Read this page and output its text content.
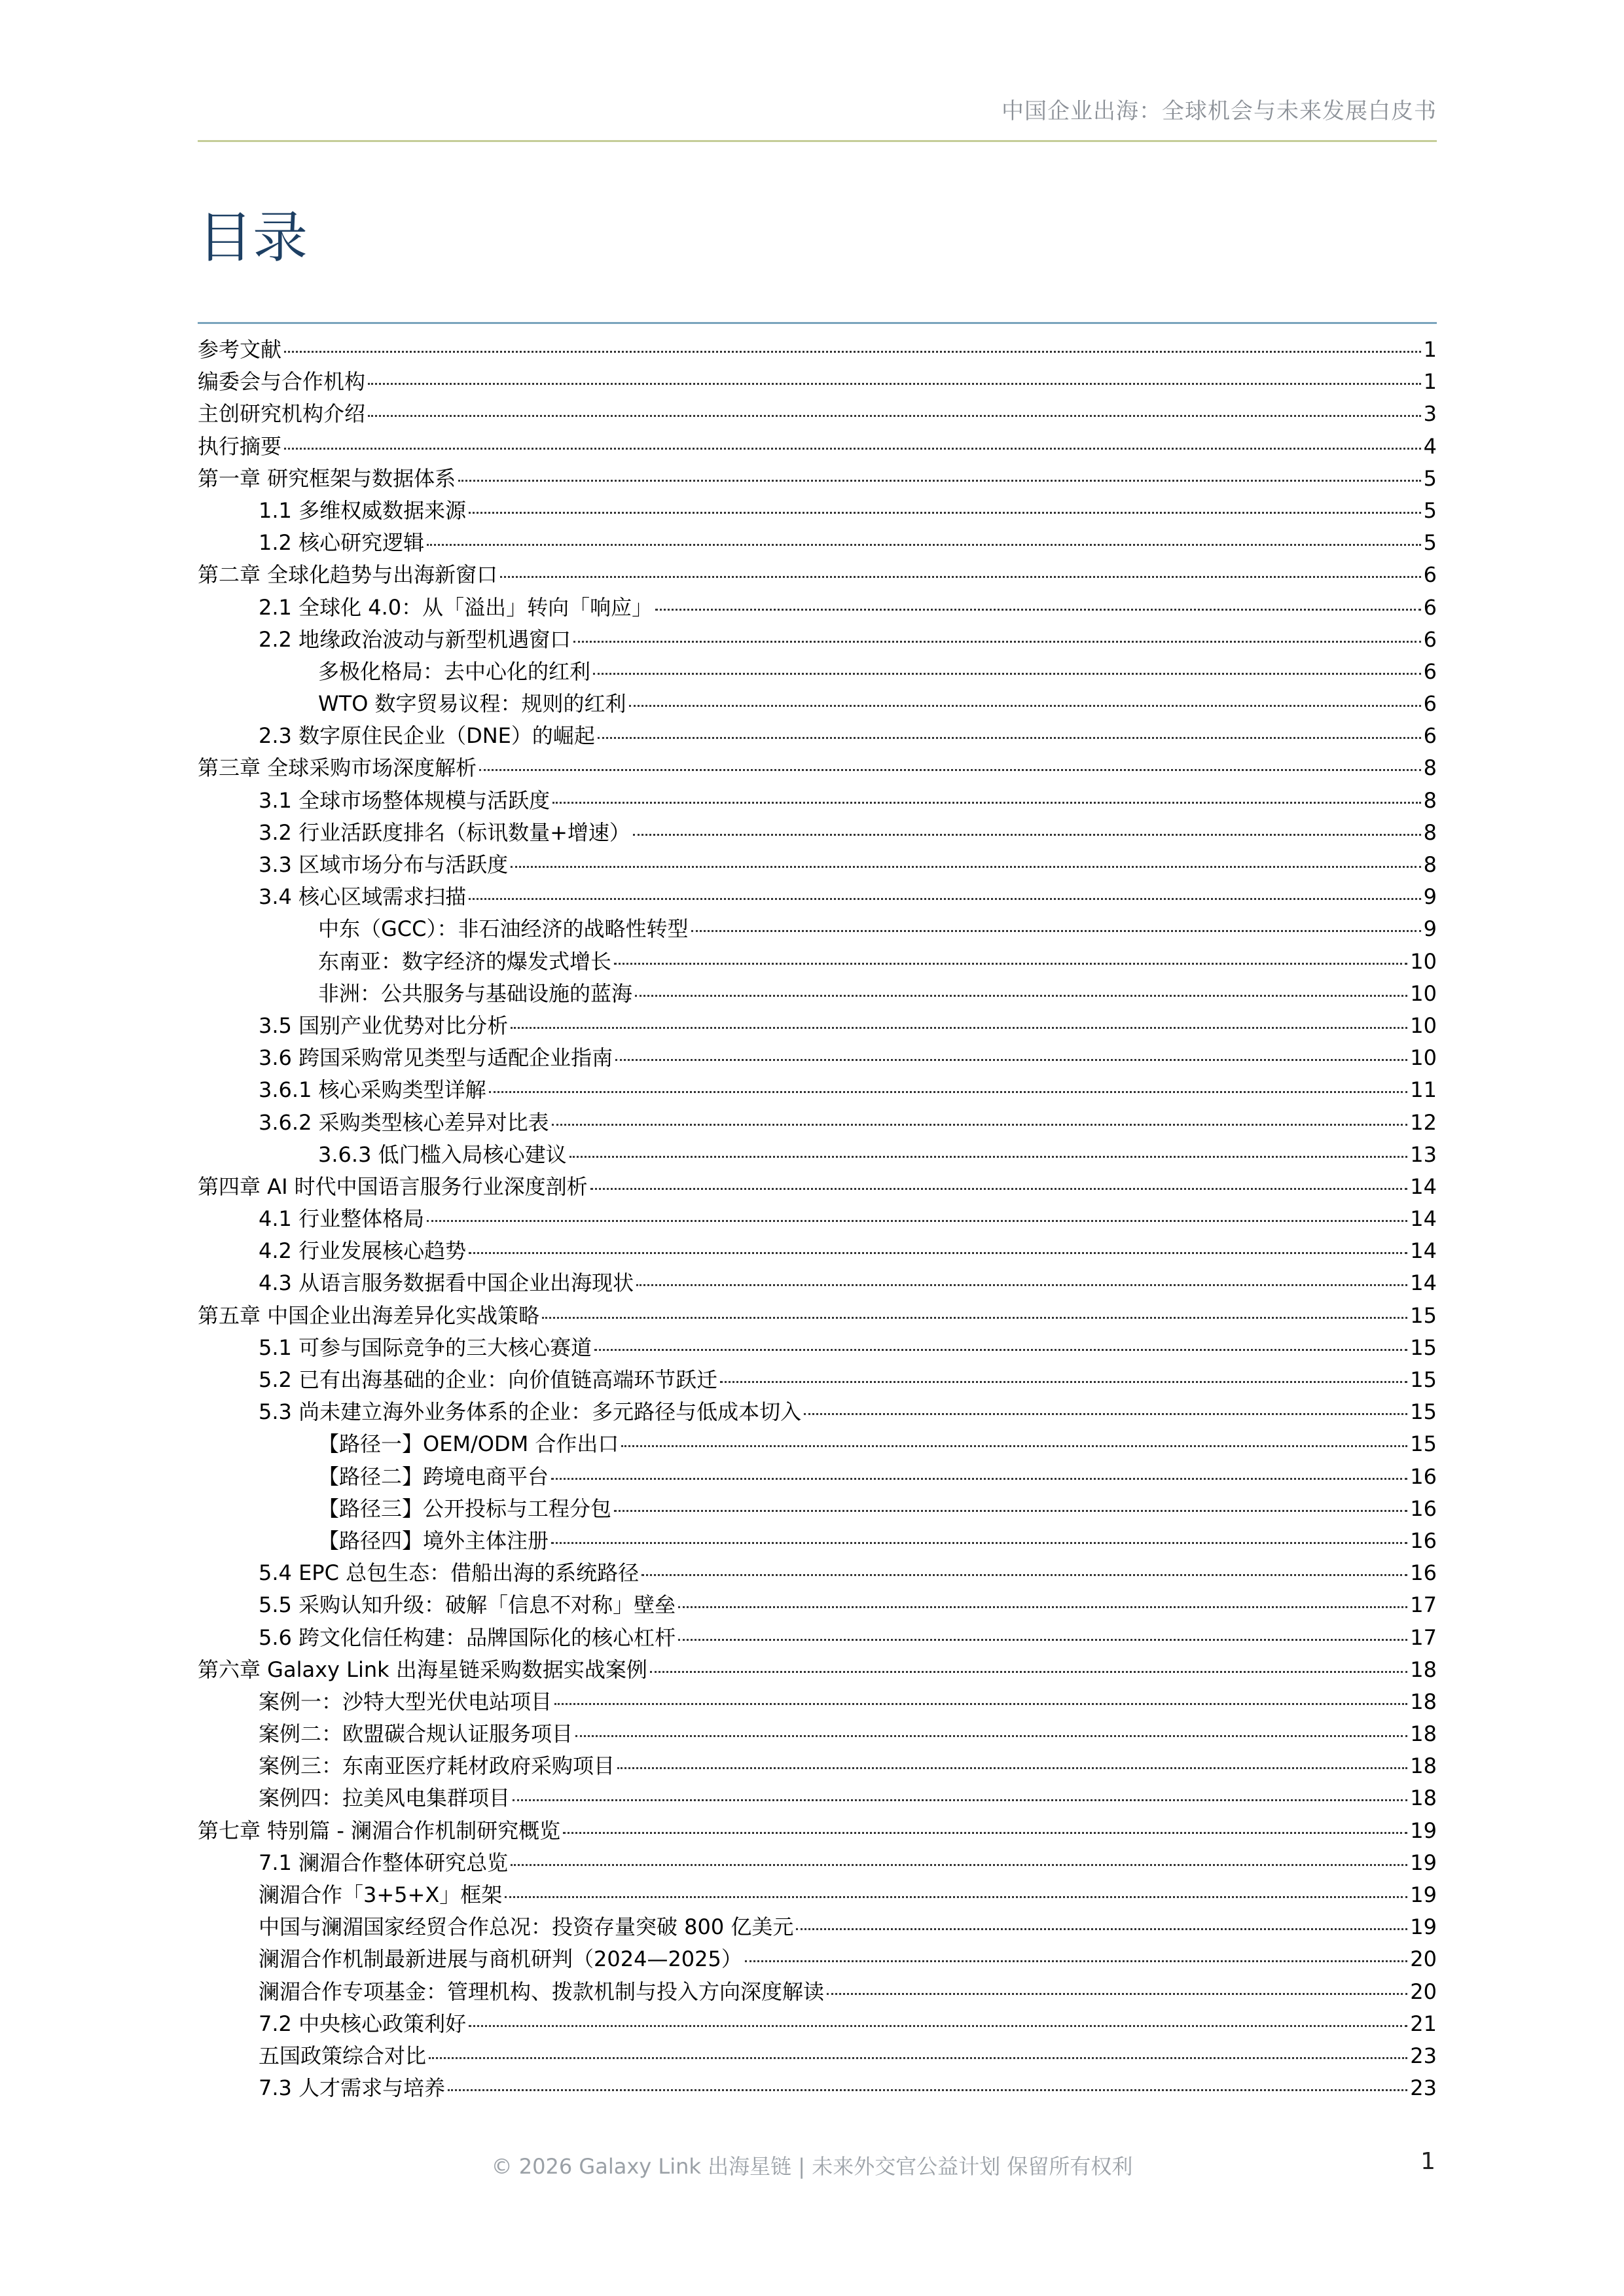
中国企业出海：全球机会与未来发展白皮书
目录
参考文献	1
编委会与合作机构	1
主创研究机构介绍	3
执行摘要	4
第一章 研究框架与数据体系	5
1.1 多维权威数据来源	5
1.2 核心研究逻辑	5
第二章 全球化趋势与出海新窗口	6
2.1 全球化 4.0：从「溢出」转向「响应」	6
2.2 地缘政治波动与新型机遇窗口	6
多极化格局：去中心化的红利	6
WTO 数字贸易议程：规则的红利	6
2.3 数字原住民企业（DNE）的崛起	6
第三章 全球采购市场深度解析	8
3.1 全球市场整体规模与活跃度	8
3.2 行业活跃度排名（标讯数量+增速）	8
3.3 区域市场分布与活跃度	8
3.4 核心区域需求扫描	9
中东（GCC）：非石油经济的战略性转型	9
东南亚：数字经济的爆发式增长	10
非洲：公共服务与基础设施的蓝海	10
3.5 国别产业优势对比分析	10
3.6 跨国采购常见类型与适配企业指南	10
3.6.1 核心采购类型详解	11
3.6.2 采购类型核心差异对比表	12
3.6.3 低门槛入局核心建议	13
第四章 AI 时代中国语言服务行业深度剖析	14
4.1 行业整体格局	14
4.2 行业发展核心趋势	14
4.3 从语言服务数据看中国企业出海现状	14
第五章 中国企业出海差异化实战策略	15
5.1 可参与国际竞争的三大核心赛道	15
5.2 已有出海基础的企业：向价值链高端环节跃迁	15
5.3 尚未建立海外业务体系的企业：多元路径与低成本切入	15
【路径一】OEM/ODM 合作出口	15
【路径二】跨境电商平台	16
【路径三】公开投标与工程分包	16
【路径四】境外主体注册	16
5.4 EPC 总包生态：借船出海的系统路径	16
5.5 采购认知升级：破解「信息不对称」壁垒	17
5.6 跨文化信任构建：品牌国际化的核心杠杆	17
第六章 Galaxy Link 出海星链采购数据实战案例	18
案例一：沙特大型光伏电站项目	18
案例二：欧盟碳合规认证服务项目	18
案例三：东南亚医疗耗材政府采购项目	18
案例四：拉美风电集群项目	18
第七章 特别篇 - 澜湄合作机制研究概览	19
7.1 澜湄合作整体研究总览	19
澜湄合作「3+5+X」框架	19
中国与澜湄国家经贸合作总况：投资存量突破 800 亿美元	19
澜湄合作机制最新进展与商机研判（2024—2025）	20
澜湄合作专项基金：管理机构、拨款机制与投入方向深度解读	20
7.2 中央核心政策利好	21
五国政策综合对比	23
7.3 人才需求与培养	23
© 2026 Galaxy Link 出海星链 | 未来外交官公益计划 保留所有权利	1
